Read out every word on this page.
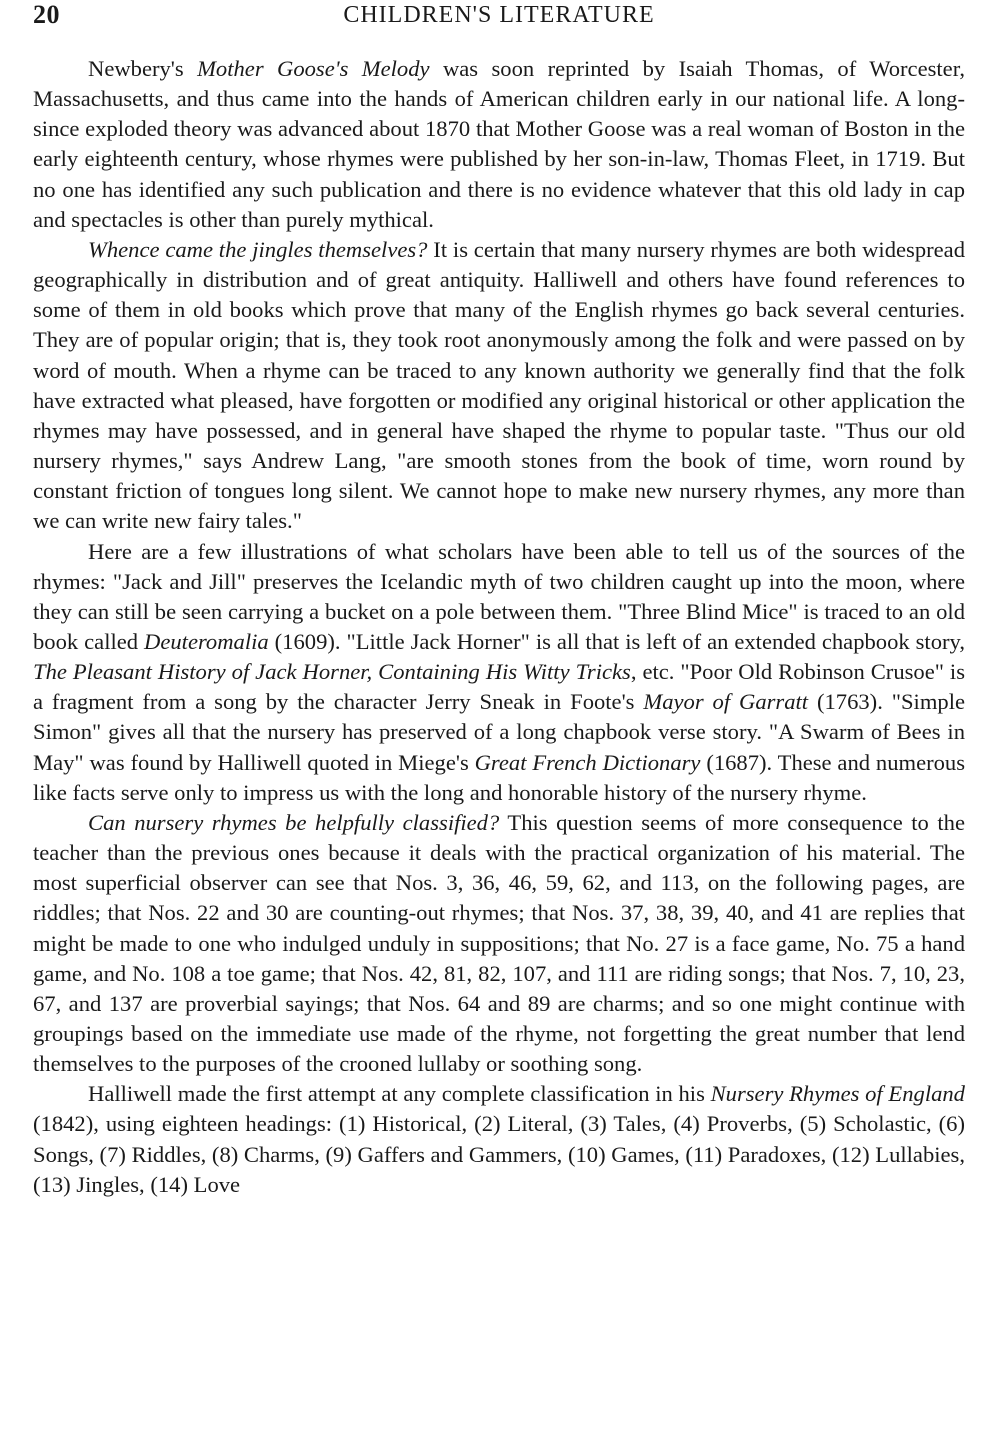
20	CHILDREN'S LITERATURE

Newbery's Mother Goose's Melody was soon reprinted by Isaiah Thomas, of Worcester, Massachusetts, and thus came into the hands of American children early in our national life. A long-since exploded theory was advanced about 1870 that Mother Goose was a real woman of Boston in the early eighteenth century, whose rhymes were published by her son-in-law, Thomas Fleet, in 1719. But no one has identified any such publication and there is no evidence whatever that this old lady in cap and spectacles is other than purely mythical.

Whence came the jingles themselves? It is certain that many nursery rhymes are both widespread geographically in distribution and of great antiquity. Halliwell and others have found references to some of them in old books which prove that many of the English rhymes go back several centuries. They are of popular origin; that is, they took root anonymously among the folk and were passed on by word of mouth. When a rhyme can be traced to any known authority we generally find that the folk have extracted what pleased, have forgotten or modified any original historical or other application the rhymes may have possessed, and in general have shaped the rhyme to popular taste. "Thus our old nursery rhymes," says Andrew Lang, "are smooth stones from the book of time, worn round by constant friction of tongues long silent. We cannot hope to make new nursery rhymes, any more than we can write new fairy tales."

Here are a few illustrations of what scholars have been able to tell us of the sources of the rhymes: "Jack and Jill" preserves the Icelandic myth of two children caught up into the moon, where they can still be seen carrying a bucket on a pole between them. "Three Blind Mice" is traced to an old book called Deuteromalia (1609). "Little Jack Horner" is all that is left of an extended chapbook story, The Pleasant History of Jack Horner, Containing His Witty Tricks, etc. "Poor Old Robinson Crusoe" is a fragment from a song by the character Jerry Sneak in Foote's Mayor of Garratt (1763). "Simple Simon" gives all that the nursery has preserved of a long chapbook verse story. "A Swarm of Bees in May" was found by Halliwell quoted in Miege's Great French Dictionary (1687). These and numerous like facts serve only to impress us with the long and honorable history of the nursery rhyme.

Can nursery rhymes be helpfully classified? This question seems of more consequence to the teacher than the previous ones because it deals with the practical organization of his material. The most superficial observer can see that Nos. 3, 36, 46, 59, 62, and 113, on the following pages, are riddles; that Nos. 22 and 30 are counting-out rhymes; that Nos. 37, 38, 39, 40, and 41 are replies that might be made to one who indulged unduly in suppositions; that No. 27 is a face game, No. 75 a hand game, and No. 108 a toe game; that Nos. 42, 81, 82, 107, and 111 are riding songs; that Nos. 7, 10, 23, 67, and 137 are proverbial sayings; that Nos. 64 and 89 are charms; and so one might continue with groupings based on the immediate use made of the rhyme, not forgetting the great number that lend themselves to the purposes of the crooned lullaby or soothing song.

Halliwell made the first attempt at any complete classification in his Nursery Rhymes of England (1842), using eighteen headings: (1) Historical, (2) Literal, (3) Tales, (4) Proverbs, (5) Scholastic, (6) Songs, (7) Riddles, (8) Charms, (9) Gaffers and Gammers, (10) Games, (11) Paradoxes, (12) Lullabies, (13) Jingles, (14) Love
